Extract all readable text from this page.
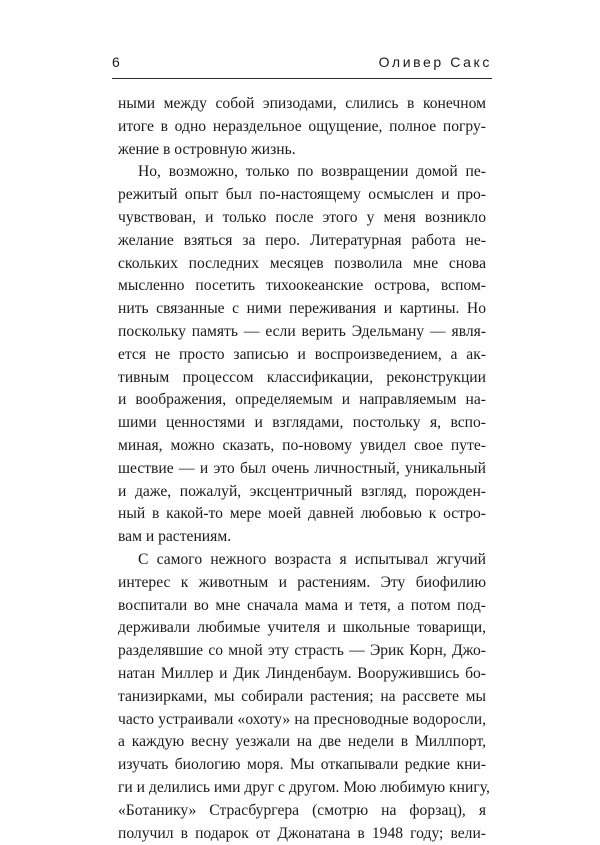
6	Оливер Сакс
ными между собой эпизодами, слились в конечном
итоге в одно нераздельное ощущение, полное погру-
жение в островную жизнь.
Но, возможно, только по возвращении домой пе-
режитый опыт был по-настоящему осмыслен и про-
чувствован, и только после этого у меня возникло
желание взяться за перо. Литературная работа не-
скольких последних месяцев позволила мне снова
мысленно посетить тихоокеанские острова, вспом-
нить связанные с ними переживания и картины. Но
поскольку память — если верить Эдельману — явля-
ется не просто записью и воспроизведением, а ак-
тивным процессом классификации, реконструкции
и воображения, определяемым и направляемым на-
шими ценностями и взглядами, постольку я, вспо-
миная, можно сказать, по-новому увидел свое путе-
шествие — и это был очень личностный, уникальный
и даже, пожалуй, эксцентричный взгляд, порожден-
ный в какой-то мере моей давней любовью к остро-
вам и растениям.
С самого нежного возраста я испытывал жгучий
интерес к животным и растениям. Эту биофилию
воспитали во мне сначала мама и тетя, а потом под-
держивали любимые учителя и школьные товарищи,
разделявшие со мной эту страсть — Эрик Корн, Джо-
натан Миллер и Дик Линденбаум. Вооружившись бо-
танизирками, мы собирали растения; на рассвете мы
часто устраивали «охоту» на пресноводные водоросли,
а каждую весну уезжали на две недели в Миллпорт,
изучать биологию моря. Мы откапывали редкие кни-
ги и делились ими друг с другом. Мою любимую книгу,
«Ботанику» Страсбургера (смотрю на форзац), я
получил в подарок от Джонатана в 1948 году; вели-
